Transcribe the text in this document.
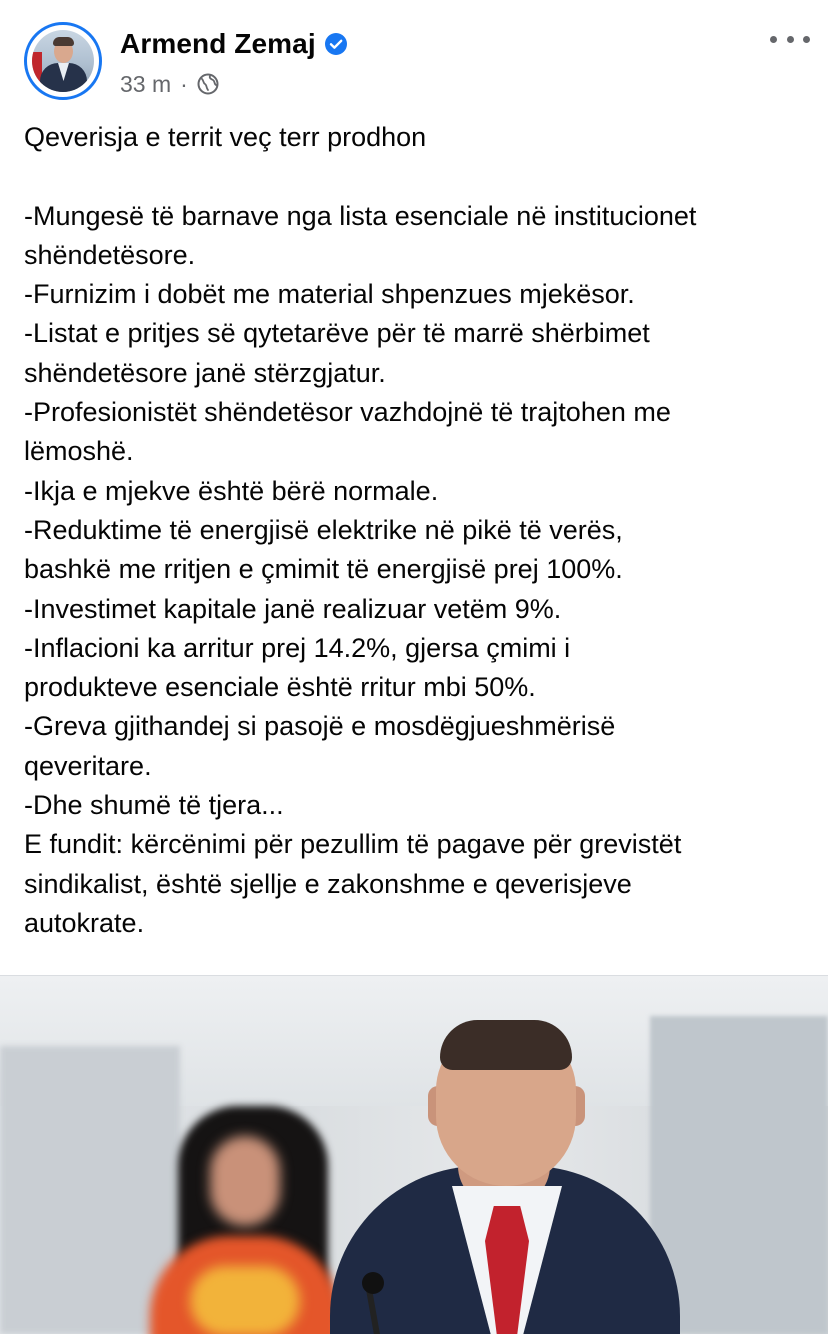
Armend Zemaj
33 m ·
Qeverisja e territ veç terr prodhon
-Mungesë të barnave nga lista esenciale në institucionet
shëndetësore.
-Furnizim i dobët me material shpenzues mjekësor.
-Listat e pritjes së qytetarëve për të marrë shërbimet
shëndetësore janë stërzgjatur.
-Profesionistët shëndetësor vazhdojnë të trajtohen me
lëmoshë.
-Ikja e mjekve është bërë normale.
-Reduktime të energjisë elektrike në pikë të verës,
bashkë me rritjen e çmimit të energjisë prej 100%.
-Investimet kapitale janë realizuar vetëm 9%.
-Inflacioni ka arritur prej 14.2%, gjersa çmimi i
produkteve esenciale është rritur mbi 50%.
-Greva gjithandej si pasojë e mosdëgjueshmërisë
qeveritare.
-Dhe shumë të tjera...
E fundit: kërcënimi për pezullim të pagave për grevistët
sindikalist, është sjellje e zakonshme e qeverisjeve
autokrate.
